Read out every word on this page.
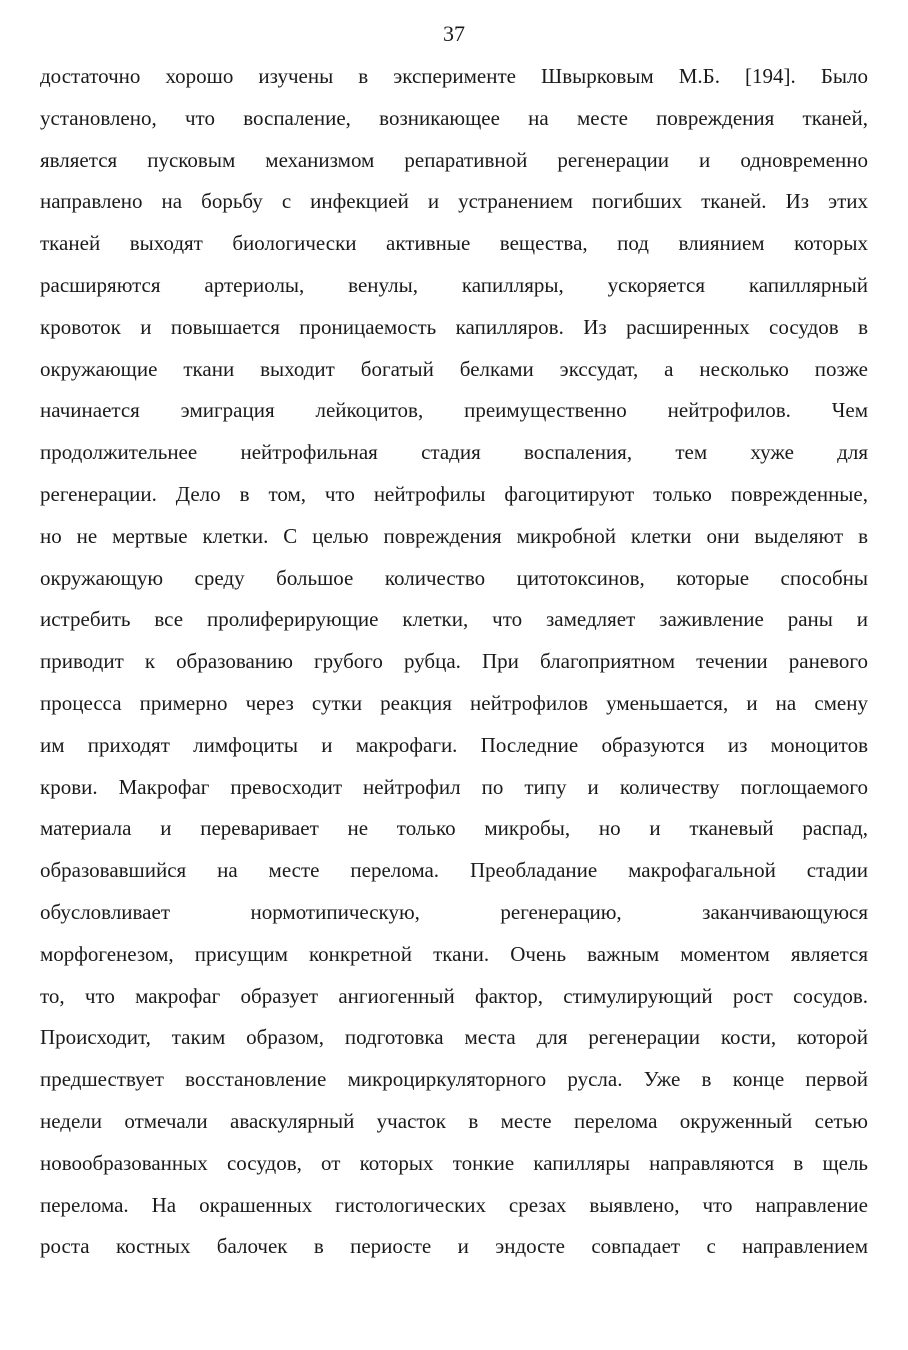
37
достаточно хорошо изучены в эксперименте Швырковым М.Б. [194]. Было
установлено, что воспаление, возникающее на месте повреждения тканей,
является пусковым механизмом репаративной регенерации и одновременно
направлено на борьбу с инфекцией и устранением погибших тканей. Из этих
тканей выходят биологически активные вещества, под влиянием которых
расширяются артериолы, венулы, капилляры, ускоряется капиллярный
кровоток и повышается проницаемость капилляров. Из расширенных сосудов в
окружающие ткани выходит богатый белками экссудат, а несколько позже
начинается эмиграция лейкоцитов, преимущественно нейтрофилов. Чем
продолжительнее нейтрофильная стадия воспаления, тем хуже для
регенерации. Дело в том, что нейтрофилы фагоцитируют только поврежденные,
но не мертвые клетки. С целью повреждения микробной клетки они выделяют в
окружающую среду большое количество цитотоксинов, которые способны
истребить все пролиферирующие клетки, что замедляет заживление раны и
приводит к образованию грубого рубца. При благоприятном течении раневого
процесса примерно через сутки реакция нейтрофилов уменьшается, и на смену
им приходят лимфоциты и макрофаги. Последние образуются из моноцитов
крови. Макрофаг превосходит нейтрофил по типу и количеству поглощаемого
материала и переваривает не только микробы, но и тканевый распад,
образовавшийся на месте перелома. Преобладание макрофагальной стадии
обусловливает нормотипическую, регенерацию, заканчивающуюся
морфогенезом, присущим конкретной ткани. Очень важным моментом является
то, что макрофаг образует ангиогенный фактор, стимулирующий рост сосудов.
Происходит, таким образом, подготовка места для регенерации кости, которой
предшествует восстановление микроциркуляторного русла. Уже в конце первой
недели отмечали аваскулярный участок в месте перелома окруженный сетью
новообразованных сосудов, от которых тонкие капилляры направляются в щель
перелома. На окрашенных гистологических срезах выявлено, что направление
роста костных балочек в периосте и эндосте совпадает с направлением
